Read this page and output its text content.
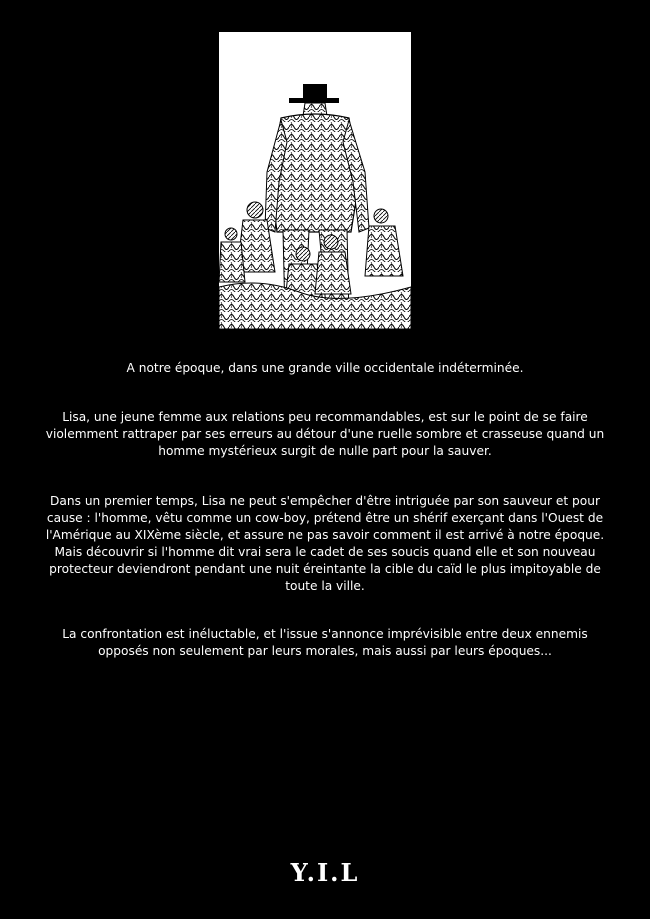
A notre époque, dans une grande ville occidentale indéterminée.

Lisa, une jeune femme aux relations peu recommandables, est sur le point de se faire violemment rattraper par ses erreurs au détour d'une ruelle sombre et crasseuse quand un homme mystérieux surgit de nulle part pour la sauver.

Dans un premier temps, Lisa ne peut s'empêcher d'être intriguée par son sauveur et pour cause : l'homme, vêtu comme un cow-boy, prétend être un shérif exerçant dans l'Ouest de l'Amérique au XIXème siècle, et assure ne pas savoir comment il est arrivé à notre époque. Mais découvrir si l'homme dit vrai sera le cadet de ses soucis quand elle et son nouveau protecteur deviendront pendant une nuit éreintante la cible du caïd le plus impitoyable de toute la ville.

La confrontation est inéluctable, et l'issue s'annonce imprévisible entre deux ennemis opposés non seulement par leurs morales, mais aussi par leurs époques...

Y.I.L
